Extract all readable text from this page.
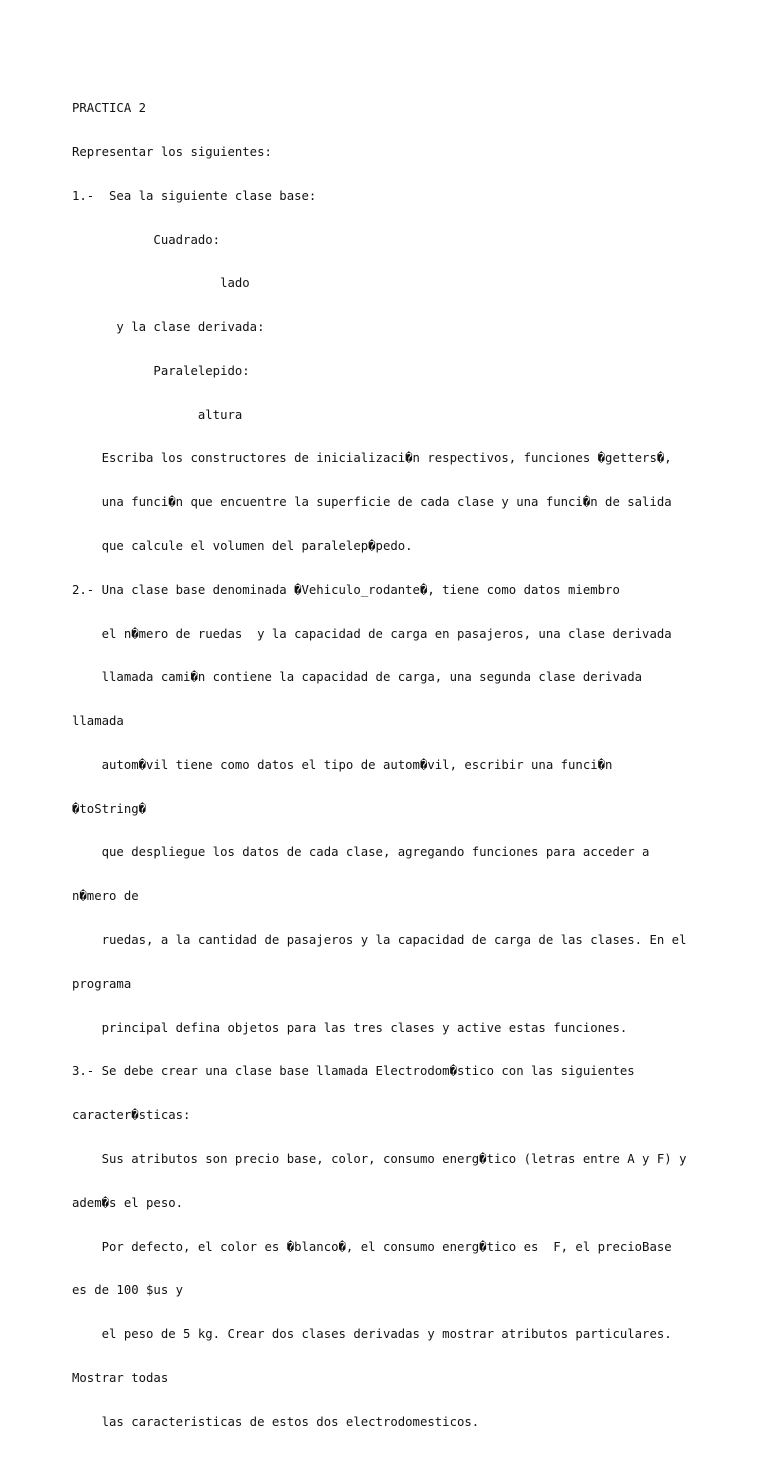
PRACTICA 2

Representar los siguientes:

1.-  Sea la siguiente clase base:

Cuadrado:

lado

y la clase derivada:

Paralelepido:

altura

Escriba los constructores de inicializaci�n respectivos, funciones �getters�,

una funci�n que encuentre la superficie de cada clase y una funci�n de salida

que calcule el volumen del paralelep�pedo.

2.- Una clase base denominada �Vehiculo_rodante�, tiene como datos miembro

el n�mero de ruedas  y la capacidad de carga en pasajeros, una clase derivada

llamada cami�n contiene la capacidad de carga, una segunda clase derivada

llamada

autom�vil tiene como datos el tipo de autom�vil, escribir una funci�n

�toString�

que despliegue los datos de cada clase, agregando funciones para acceder a

n�mero de

ruedas, a la cantidad de pasajeros y la capacidad de carga de las clases. En el

programa

principal defina objetos para las tres clases y active estas funciones.

3.- Se debe crear una clase base llamada Electrodom�stico con las siguientes

caracter�sticas:

Sus atributos son precio base, color, consumo energ�tico (letras entre A y F) y

adem�s el peso.

Por defecto, el color es �blanco�, el consumo energ�tico es  F, el precioBase

es de 100 $us y

el peso de 5 kg. Crear dos clases derivadas y mostrar atributos particulares.

Mostrar todas

las caracteristicas de estos dos electrodomesticos.
